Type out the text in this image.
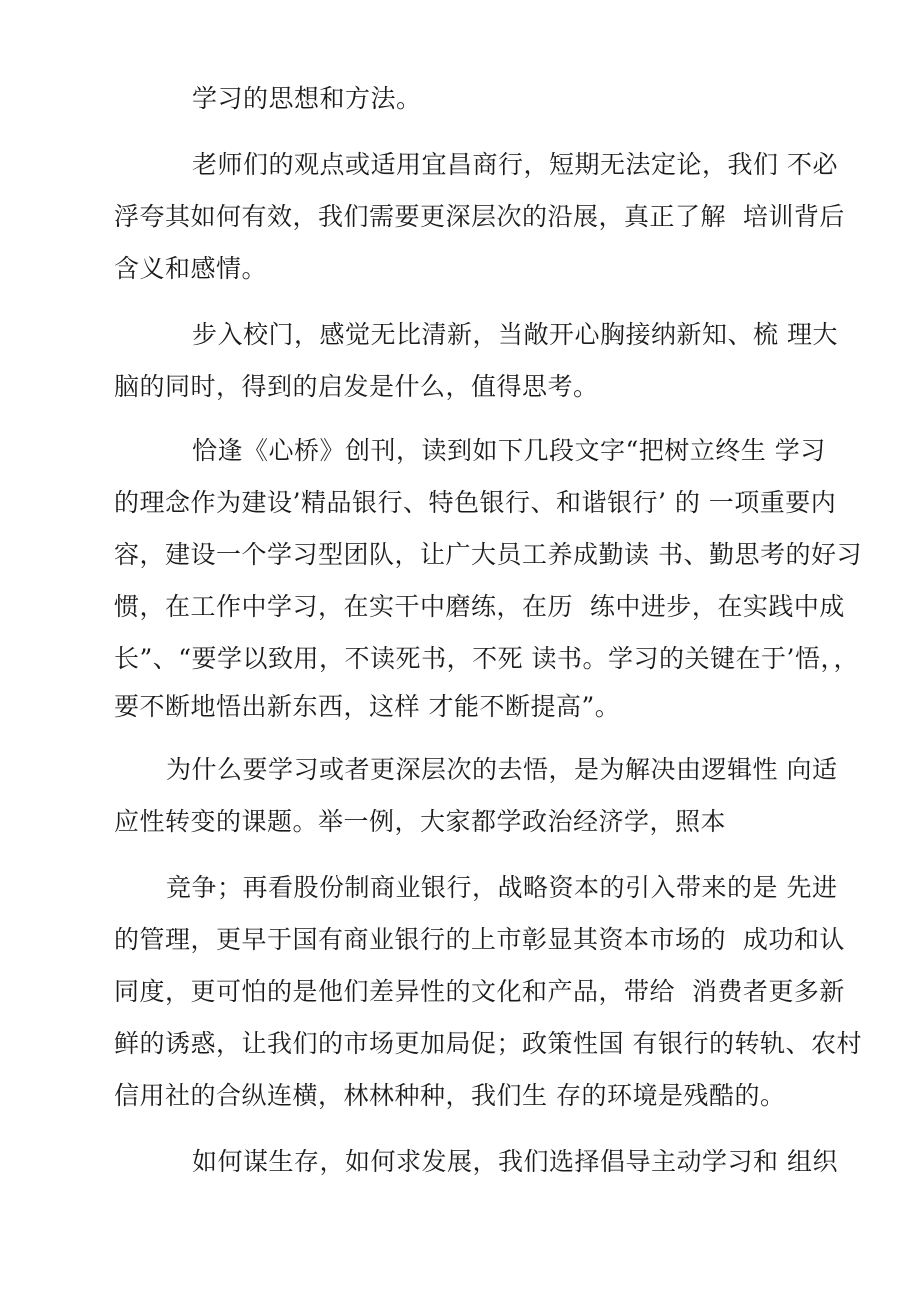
学习的思想和方法。
老师们的观点或适用宜昌商行，短期无法定论，我们 不必
浮夸其如何有效，我们需要更深层次的沿展，真正了解  培训背后
含义和感情。
步入校门，感觉无比清新，当敞开心胸接纳新知、梳 理大
脑的同时，得到的启发是什么，值得思考。
恰逢《心桥》创刊，读到如下几段文字“把树立终生 学习
的理念作为建设’精品银行、特色银行、和谐银行’ 的 一项重要内
容，建设一个学习型团队，让广大员工养成勤读 书、勤思考的好习
惯，在工作中学习，在实干中磨练，在历  练中进步，在实践中成
长”、“要学以致用，不读死书，不死 读书。学习的关键在于’悟，，
要不断地悟出新东西，这样 才能不断提高”。
为什么要学习或者更深层次的去悟，是为解决由逻辑性 向适
应性转变的课题。举一例，大家都学政治经济学，照本
竞争；再看股份制商业银行，战略资本的引入带来的是 先进
的管理，更早于国有商业银行的上市彰显其资本市场的  成功和认
同度，更可怕的是他们差异性的文化和产品，带给  消费者更多新
鲜的诱惑，让我们的市场更加局促；政策性国 有银行的转轨、农村
信用社的合纵连横，林林种种，我们生 存的环境是残酷的。
如何谋生存，如何求发展，我们选择倡导主动学习和 组织
